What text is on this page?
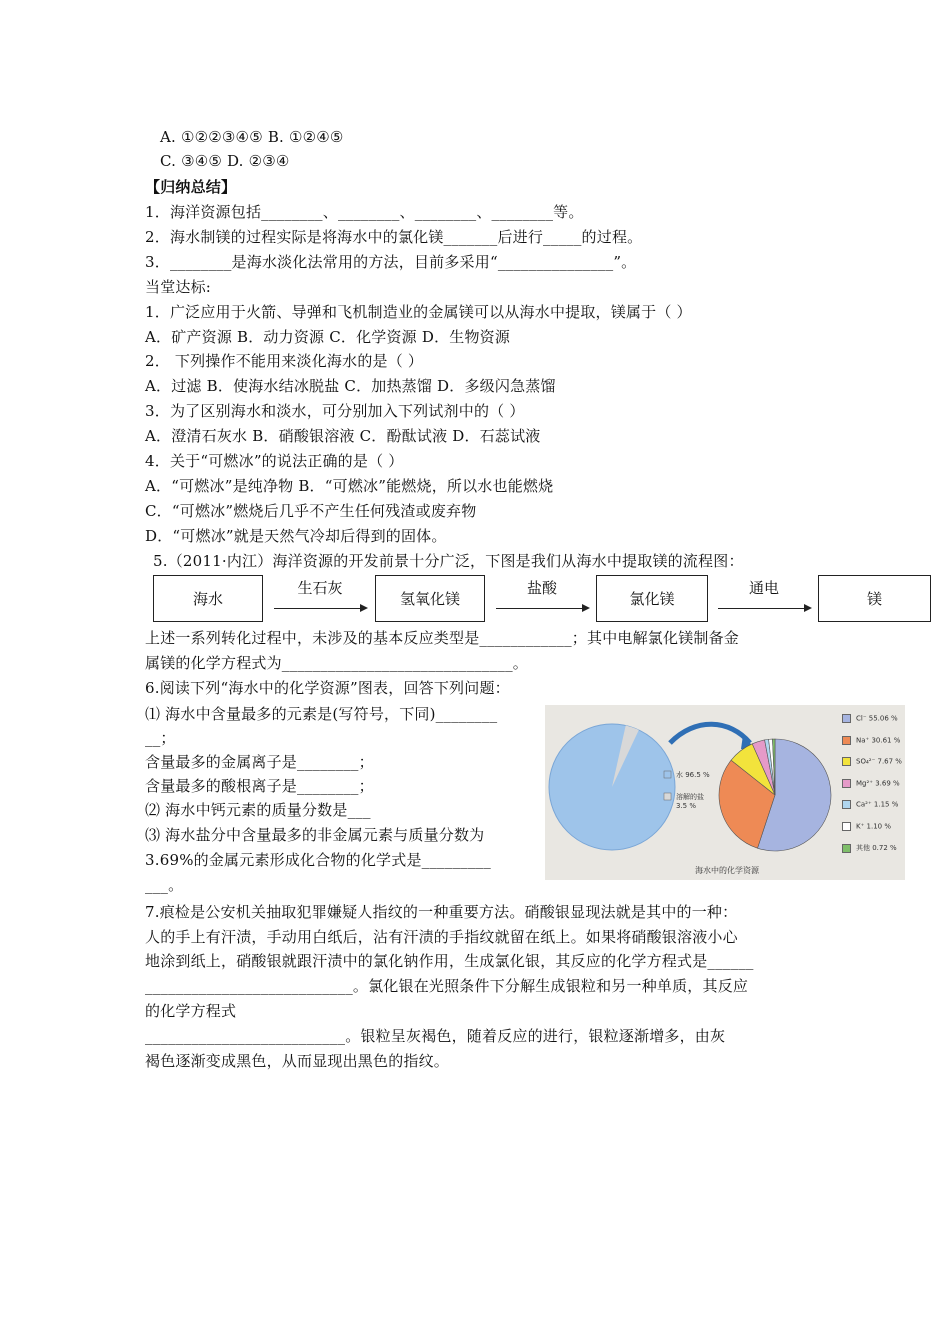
A. ①②②③④⑤ B. ①②④⑤
C. ③④⑤ D. ②③④
【归纳总结】
1．海洋资源包括________、________、________、________等。
2．海水制镁的过程实际是将海水中的氯化镁_______后进行_____的过程。
3．________是海水淡化法常用的方法，目前多采用“_______________”。
当堂达标:
1．广泛应用于火箭、导弹和飞机制造业的金属镁可以从海水中提取，镁属于（ ）
A．矿产资源 B．动力资源 C．化学资源 D．生物资源
2． 下列操作不能用来淡化海水的是（ ）
A．过滤 B．使海水结冰脱盐 C．加热蒸馏 D．多级闪急蒸馏
3．为了区别海水和淡水，可分别加入下列试剂中的（ ）
A．澄清石灰水 B．硝酸银溶液 C．酚酞试液 D．石蕊试液
4．关于“可燃冰”的说法正确的是（ ）
A．“可燃冰”是纯净物 B．“可燃冰”能燃烧，所以水也能燃烧
C．“可燃冰”燃烧后几乎不产生任何残渣或废弃物
D．“可燃冰”就是天然气冷却后得到的固体。
5.（2011·内江）海洋资源的开发前景十分广泛，下图是我们从海水中提取镁的流程图：
海水
生石灰
氢氧化镁
盐酸
氯化镁
通电
镁
上述一系列转化过程中，未涉及的基本反应类型是____________；其中电解氯化镁制备金
属镁的化学方程式为______________________________。
6.阅读下列“海水中的化学资源”图表，回答下列问题：
⑴ 海水中含量最多的元素是(写符号，下同)________
__；
含量最多的金属离子是________；
含量最多的酸根离子是________；
⑵ 海水中钙元素的质量分数是___
⑶ 海水盐分中含量最多的非金属元素与质量分数为
3.69%的金属元素形成化合物的化学式是_________
___。
水 96.5 %
溶解的盐
3.5 %
Cl⁻ 55.06 %
Na⁺ 30.61 %
SO₄²⁻ 7.67 %
Mg²⁺ 3.69 %
Ca²⁺ 1.15 %
K⁺ 1.10 %
其他 0.72 %
海水中的化学资源
7.痕检是公安机关抽取犯罪嫌疑人指纹的一种重要方法。硝酸银显现法就是其中的一种：
人的手上有汗渍，手动用白纸后，沾有汗渍的手指纹就留在纸上。如果将硝酸银溶液小心
地涂到纸上，硝酸银就跟汗渍中的氯化钠作用，生成氯化银，其反应的化学方程式是______
___________________________。氯化银在光照条件下分解生成银粒和另一种单质，其反应
的化学方程式
__________________________。银粒呈灰褐色，随着反应的进行，银粒逐渐增多，由灰
褐色逐渐变成黑色，从而显现出黑色的指纹。
